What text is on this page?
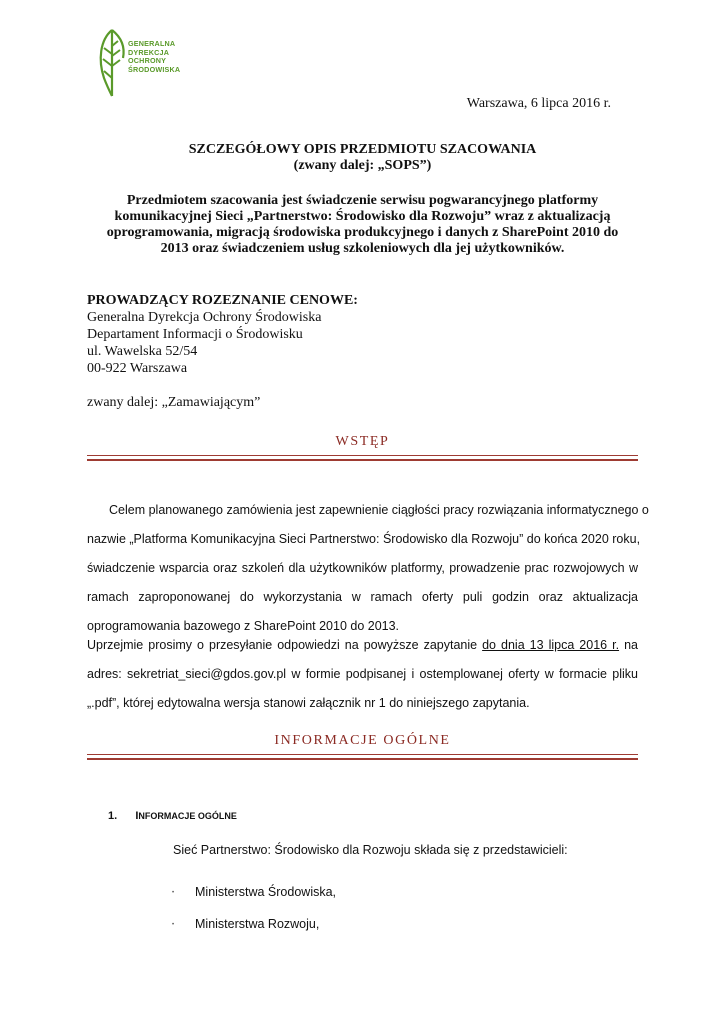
GENERALNA
DYREKCJA
OCHRONY
ŚRODOWISKA
Warszawa, 6 lipca 2016 r.
SZCZEGÓŁOWY OPIS PRZEDMIOTU SZACOWANIA
(zwany dalej: „SOPS”)
Przedmiotem szacowania jest świadczenie serwisu pogwarancyjnego platformy
komunikacyjnej Sieci „Partnerstwo: Środowisko dla Rozwoju” wraz z aktualizacją
oprogramowania, migracją środowiska produkcyjnego i danych z SharePoint 2010 do
2013 oraz świadczeniem usług szkoleniowych dla jej użytkowników.
PROWADZĄCY ROZEZNANIE CENOWE:
Generalna Dyrekcja Ochrony Środowiska
Departament Informacji o Środowisku
ul. Wawelska 52/54
00-922 Warszawa
zwany dalej: „Zamawiającym”
WSTĘP
Celem planowanego zamówienia jest zapewnienie ciągłości pracy rozwiązania informatycznego o
nazwie „Platforma Komunikacyjna Sieci Partnerstwo: Środowisko dla Rozwoju” do końca 2020 roku,
świadczenie wsparcia oraz szkoleń dla użytkowników platformy, prowadzenie prac rozwojowych w
ramach zaproponowanej do wykorzystania w ramach oferty puli godzin oraz aktualizacja
oprogramowania bazowego z SharePoint 2010 do 2013.
Uprzejmie prosimy o przesyłanie odpowiedzi na powyższe zapytanie do dnia 13 lipca 2016 r. na
adres: sekretriat_sieci@gdos.gov.pl w formie podpisanej i ostemplowanej oferty w formacie pliku
„.pdf”, której edytowalna wersja stanowi załącznik nr 1 do niniejszego zapytania.
INFORMACJE OGÓLNE
1. INFORMACJE OGÓLNE
Sieć Partnerstwo: Środowisko dla Rozwoju składa się z przedstawicieli:
• Ministerstwa Środowiska,
• Ministerstwa Rozwoju,
